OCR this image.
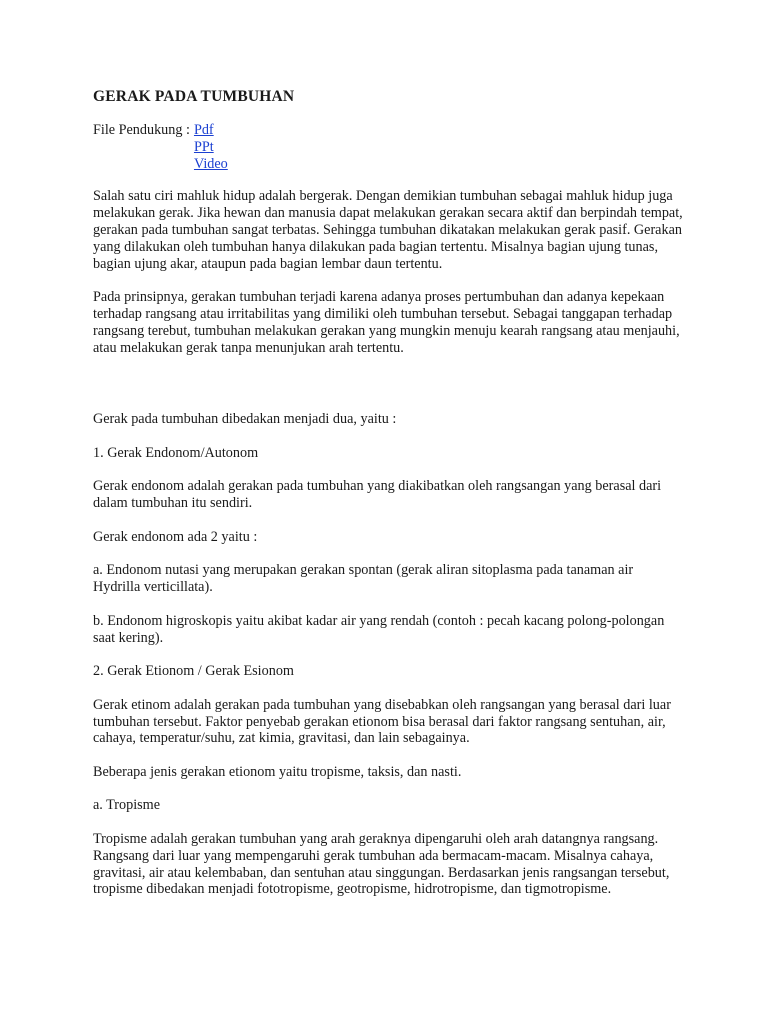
GERAK PADA TUMBUHAN
File Pendukung : Pdf
PPt
Video

Salah satu ciri mahluk hidup adalah bergerak. Dengan demikian tumbuhan sebagai mahluk hidup juga melakukan gerak. Jika hewan dan manusia dapat melakukan gerakan secara aktif dan berpindah tempat, gerakan pada tumbuhan sangat terbatas. Sehingga tumbuhan dikatakan melakukan gerak pasif. Gerakan yang dilakukan oleh tumbuhan hanya dilakukan pada bagian tertentu. Misalnya bagian ujung tunas, bagian ujung akar, ataupun pada bagian lembar daun tertentu.

Pada prinsipnya, gerakan tumbuhan terjadi karena adanya proses pertumbuhan dan adanya kepekaan terhadap rangsang atau irritabilitas yang dimiliki oleh tumbuhan tersebut. Sebagai tanggapan terhadap rangsang terebut, tumbuhan melakukan gerakan yang mungkin menuju kearah rangsang atau menjauhi, atau melakukan gerak tanpa menunjukan arah tertentu.

Gerak pada tumbuhan dibedakan menjadi dua, yaitu :

1. Gerak Endonom/Autonom

Gerak endonom adalah gerakan pada tumbuhan yang diakibatkan oleh rangsangan yang berasal dari dalam tumbuhan itu sendiri.

Gerak endonom ada 2 yaitu :

a. Endonom nutasi yang merupakan gerakan spontan (gerak aliran sitoplasma pada tanaman air Hydrilla verticillata).

b. Endonom higroskopis yaitu akibat kadar air yang rendah (contoh : pecah kacang polong-polongan saat kering).

2. Gerak Etionom / Gerak Esionom

Gerak etinom adalah gerakan pada tumbuhan yang disebabkan oleh rangsangan yang berasal dari luar tumbuhan tersebut. Faktor penyebab gerakan etionom bisa berasal dari faktor rangsang sentuhan, air, cahaya, temperatur/suhu, zat kimia, gravitasi, dan lain sebagainya.

Beberapa jenis gerakan etionom yaitu tropisme, taksis, dan nasti.

a. Tropisme

Tropisme adalah gerakan tumbuhan yang arah geraknya dipengaruhi oleh arah datangnya rangsang. Rangsang dari luar yang mempengaruhi gerak tumbuhan ada bermacam-macam. Misalnya cahaya, gravitasi, air atau kelembaban, dan sentuhan atau singgungan. Berdasarkan jenis rangsangan tersebut, tropisme dibedakan menjadi fototropisme, geotropisme, hidrotropisme, dan tigmotropisme.
